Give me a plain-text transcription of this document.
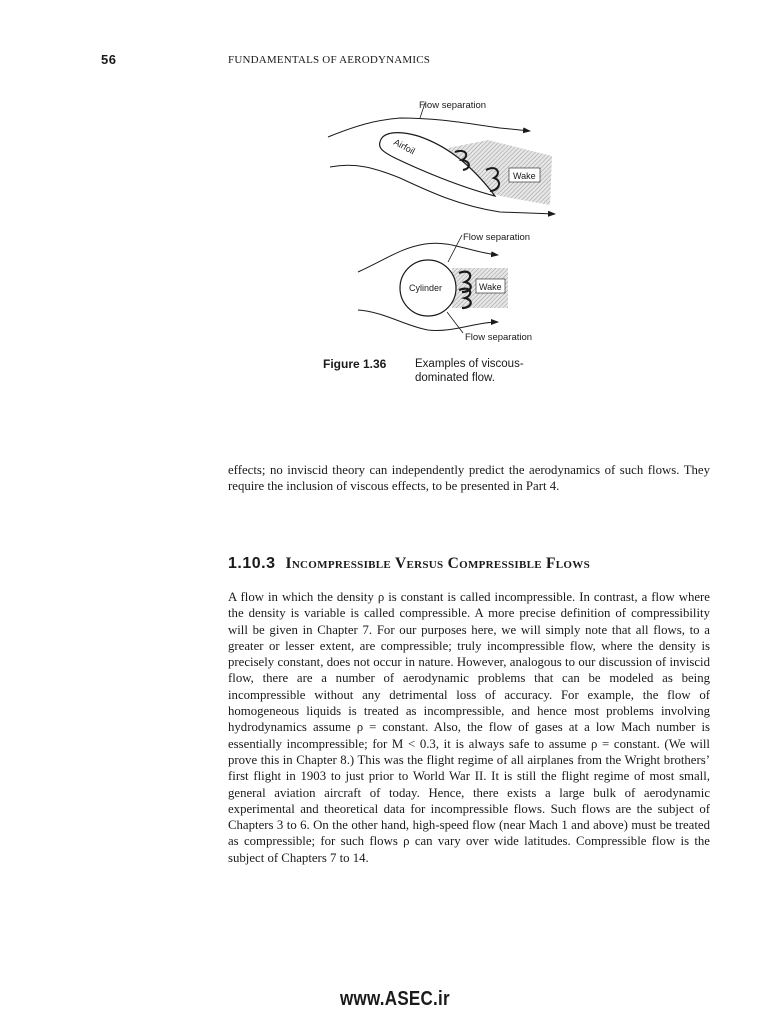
56	FUNDAMENTALS OF AERODYNAMICS
Flow separation
Airfoil
Wake
Flow separation
Cylinder	Wake
Flow separation
Figure 1.36 Examples of viscous-dominated flow.

effects; no inviscid theory can independently predict the aerodynamics of such flows. They require the inclusion of viscous effects, to be presented in Part 4.

1.10.3 Incompressible Versus Compressible Flows

A flow in which the density ρ is constant is called incompressible. In contrast, a flow where the density is variable is called compressible. A more precise definition of compressibility will be given in Chapter 7. For our purposes here, we will simply note that all flows, to a greater or lesser extent, are compressible; truly incompressible flow, where the density is precisely constant, does not occur in nature. However, analogous to our discussion of inviscid flow, there are a number of aerodynamic problems that can be modeled as being incompressible without any detrimental loss of accuracy. For example, the flow of homogeneous liquids is treated as incompressible, and hence most problems involving hydrodynamics assume ρ = constant. Also, the flow of gases at a low Mach number is essentially incompressible; for M < 0.3, it is always safe to assume ρ = constant. (We will prove this in Chapter 8.) This was the flight regime of all airplanes from the Wright brothers’ first flight in 1903 to just prior to World War II. It is still the flight regime of most small, general aviation aircraft of today. Hence, there exists a large bulk of aerodynamic experimental and theoretical data for incompressible flows. Such flows are the subject of Chapters 3 to 6. On the other hand, high-speed flow (near Mach 1 and above) must be treated as compressible; for such flows ρ can vary over wide latitudes. Compressible flow is the subject of Chapters 7 to 14.

www.ASEC.ir
